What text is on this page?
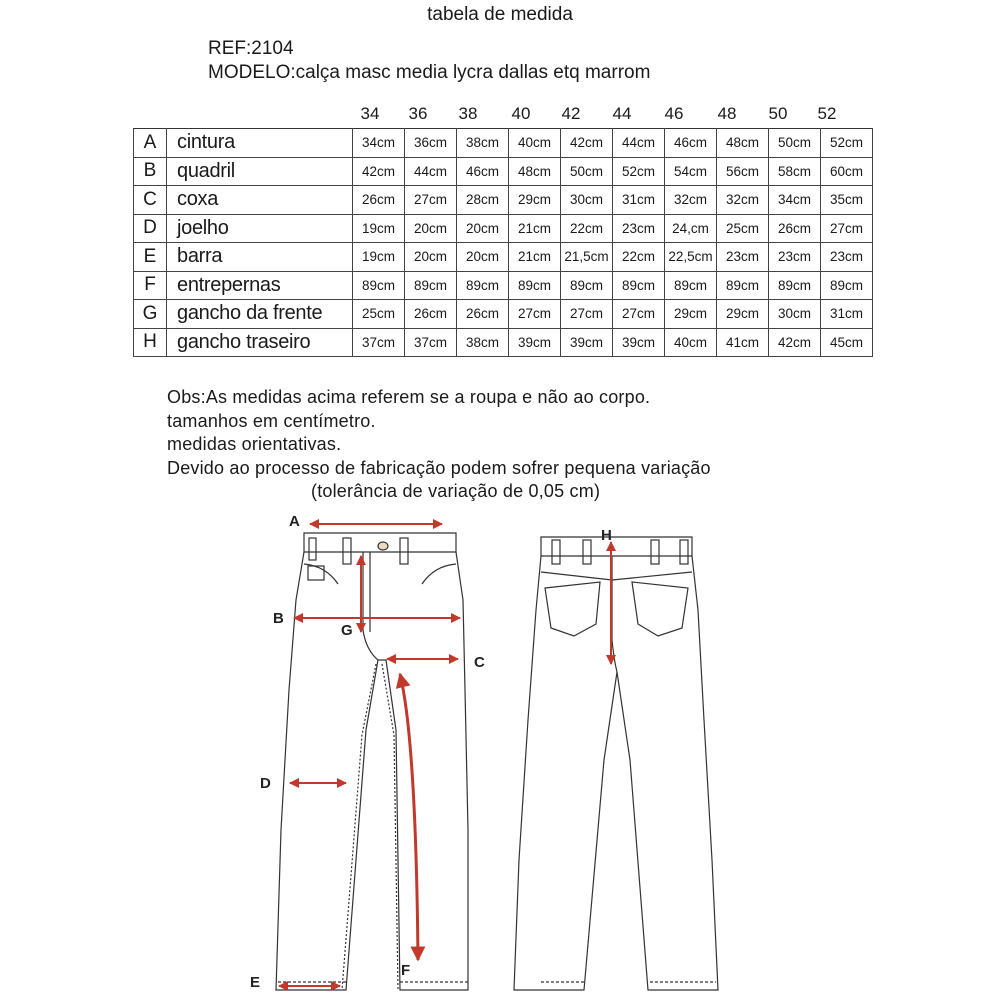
tabela de medida
REF:2104
MODELO:calça masc media lycra dallas etq marrom
34 36 38 40 42 44 46 48 50 52
A	cintura	34cm	36cm	38cm	40cm	42cm	44cm	46cm	48cm	50cm	52cm
B	quadril	42cm	44cm	46cm	48cm	50cm	52cm	54cm	56cm	58cm	60cm
C	coxa	26cm	27cm	28cm	29cm	30cm	31cm	32cm	32cm	34cm	35cm
D	joelho	19cm	20cm	20cm	21cm	22cm	23cm	24,cm	25cm	26cm	27cm
E	barra	19cm	20cm	20cm	21cm	21,5cm	22cm	22,5cm	23cm	23cm	23cm
F	entrepernas	89cm	89cm	89cm	89cm	89cm	89cm	89cm	89cm	89cm	89cm
G	gancho da frente	25cm	26cm	26cm	27cm	27cm	27cm	29cm	29cm	30cm	31cm
H	gancho traseiro	37cm	37cm	38cm	39cm	39cm	39cm	40cm	41cm	42cm	45cm
Obs:As medidas acima referem se a roupa e não ao corpo.
tamanhos em centímetro.
medidas orientativas.
Devido ao processo de fabricação podem sofrer pequena variação
(tolerância de variação de 0,05 cm)
A
B
C
D
E
F
G
H
